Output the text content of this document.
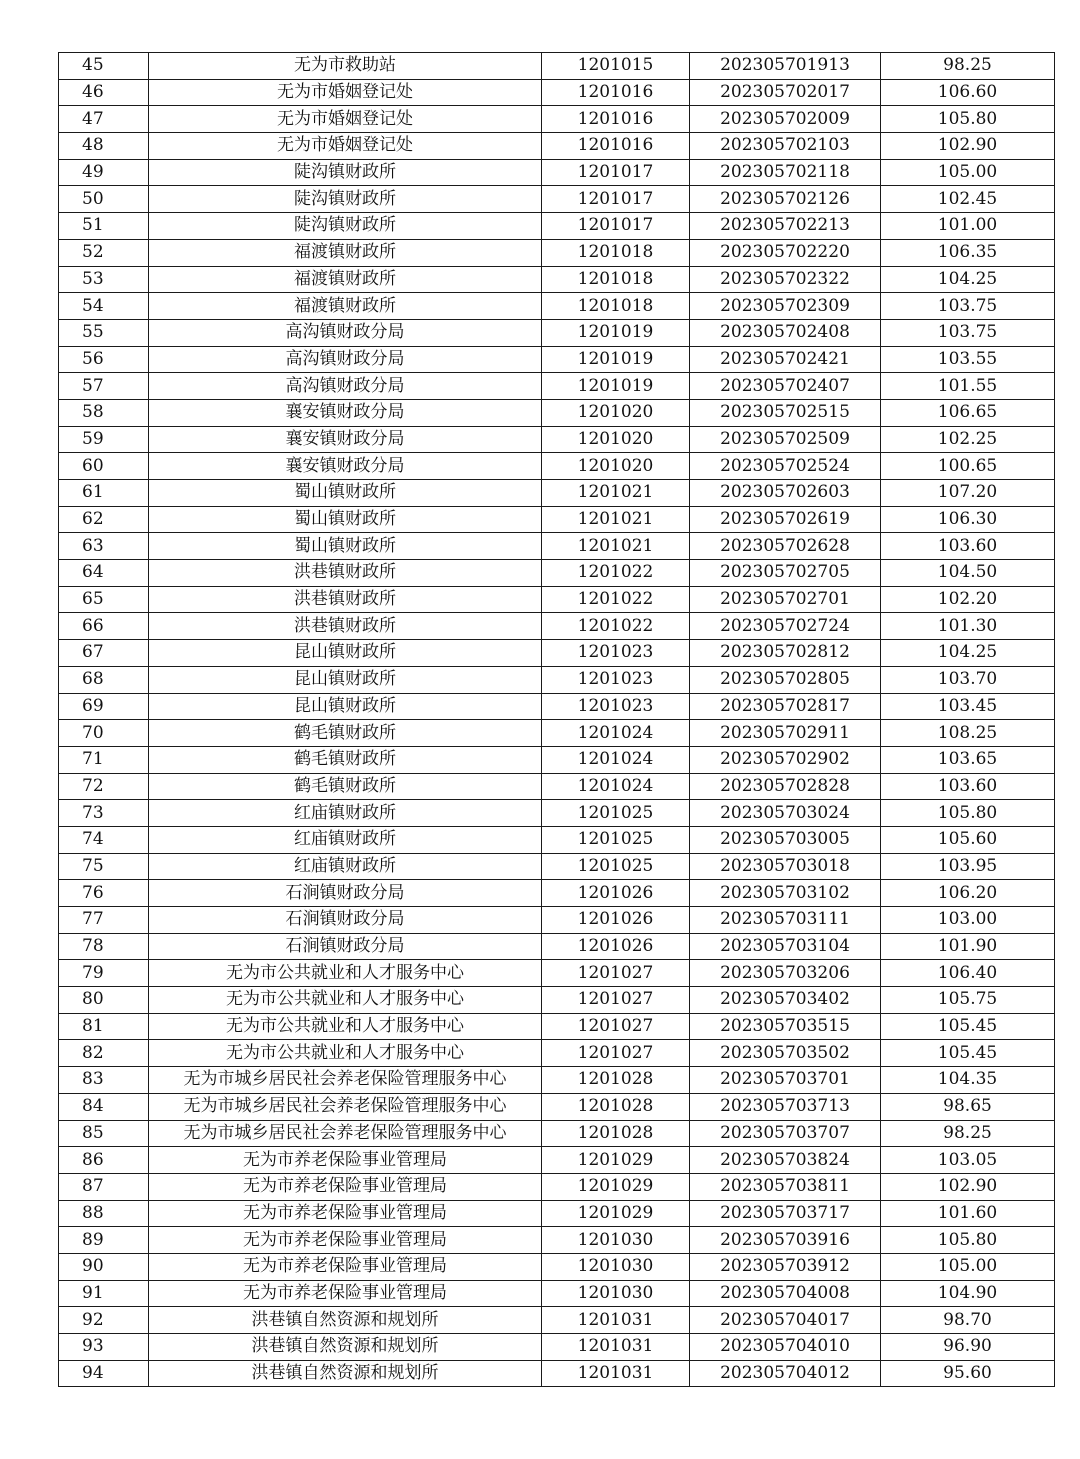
45	无为市救助站	1201015	202305701913	98.25
46	无为市婚姻登记处	1201016	202305702017	106.60
47	无为市婚姻登记处	1201016	202305702009	105.80
48	无为市婚姻登记处	1201016	202305702103	102.90
49	陡沟镇财政所	1201017	202305702118	105.00
50	陡沟镇财政所	1201017	202305702126	102.45
51	陡沟镇财政所	1201017	202305702213	101.00
52	福渡镇财政所	1201018	202305702220	106.35
53	福渡镇财政所	1201018	202305702322	104.25
54	福渡镇财政所	1201018	202305702309	103.75
55	高沟镇财政分局	1201019	202305702408	103.75
56	高沟镇财政分局	1201019	202305702421	103.55
57	高沟镇财政分局	1201019	202305702407	101.55
58	襄安镇财政分局	1201020	202305702515	106.65
59	襄安镇财政分局	1201020	202305702509	102.25
60	襄安镇财政分局	1201020	202305702524	100.65
61	蜀山镇财政所	1201021	202305702603	107.20
62	蜀山镇财政所	1201021	202305702619	106.30
63	蜀山镇财政所	1201021	202305702628	103.60
64	洪巷镇财政所	1201022	202305702705	104.50
65	洪巷镇财政所	1201022	202305702701	102.20
66	洪巷镇财政所	1201022	202305702724	101.30
67	昆山镇财政所	1201023	202305702812	104.25
68	昆山镇财政所	1201023	202305702805	103.70
69	昆山镇财政所	1201023	202305702817	103.45
70	鹤毛镇财政所	1201024	202305702911	108.25
71	鹤毛镇财政所	1201024	202305702902	103.65
72	鹤毛镇财政所	1201024	202305702828	103.60
73	红庙镇财政所	1201025	202305703024	105.80
74	红庙镇财政所	1201025	202305703005	105.60
75	红庙镇财政所	1201025	202305703018	103.95
76	石涧镇财政分局	1201026	202305703102	106.20
77	石涧镇财政分局	1201026	202305703111	103.00
78	石涧镇财政分局	1201026	202305703104	101.90
79	无为市公共就业和人才服务中心	1201027	202305703206	106.40
80	无为市公共就业和人才服务中心	1201027	202305703402	105.75
81	无为市公共就业和人才服务中心	1201027	202305703515	105.45
82	无为市公共就业和人才服务中心	1201027	202305703502	105.45
83	无为市城乡居民社会养老保险管理服务中心	1201028	202305703701	104.35
84	无为市城乡居民社会养老保险管理服务中心	1201028	202305703713	98.65
85	无为市城乡居民社会养老保险管理服务中心	1201028	202305703707	98.25
86	无为市养老保险事业管理局	1201029	202305703824	103.05
87	无为市养老保险事业管理局	1201029	202305703811	102.90
88	无为市养老保险事业管理局	1201029	202305703717	101.60
89	无为市养老保险事业管理局	1201030	202305703916	105.80
90	无为市养老保险事业管理局	1201030	202305703912	105.00
91	无为市养老保险事业管理局	1201030	202305704008	104.90
92	洪巷镇自然资源和规划所	1201031	202305704017	98.70
93	洪巷镇自然资源和规划所	1201031	202305704010	96.90
94	洪巷镇自然资源和规划所	1201031	202305704012	95.60
